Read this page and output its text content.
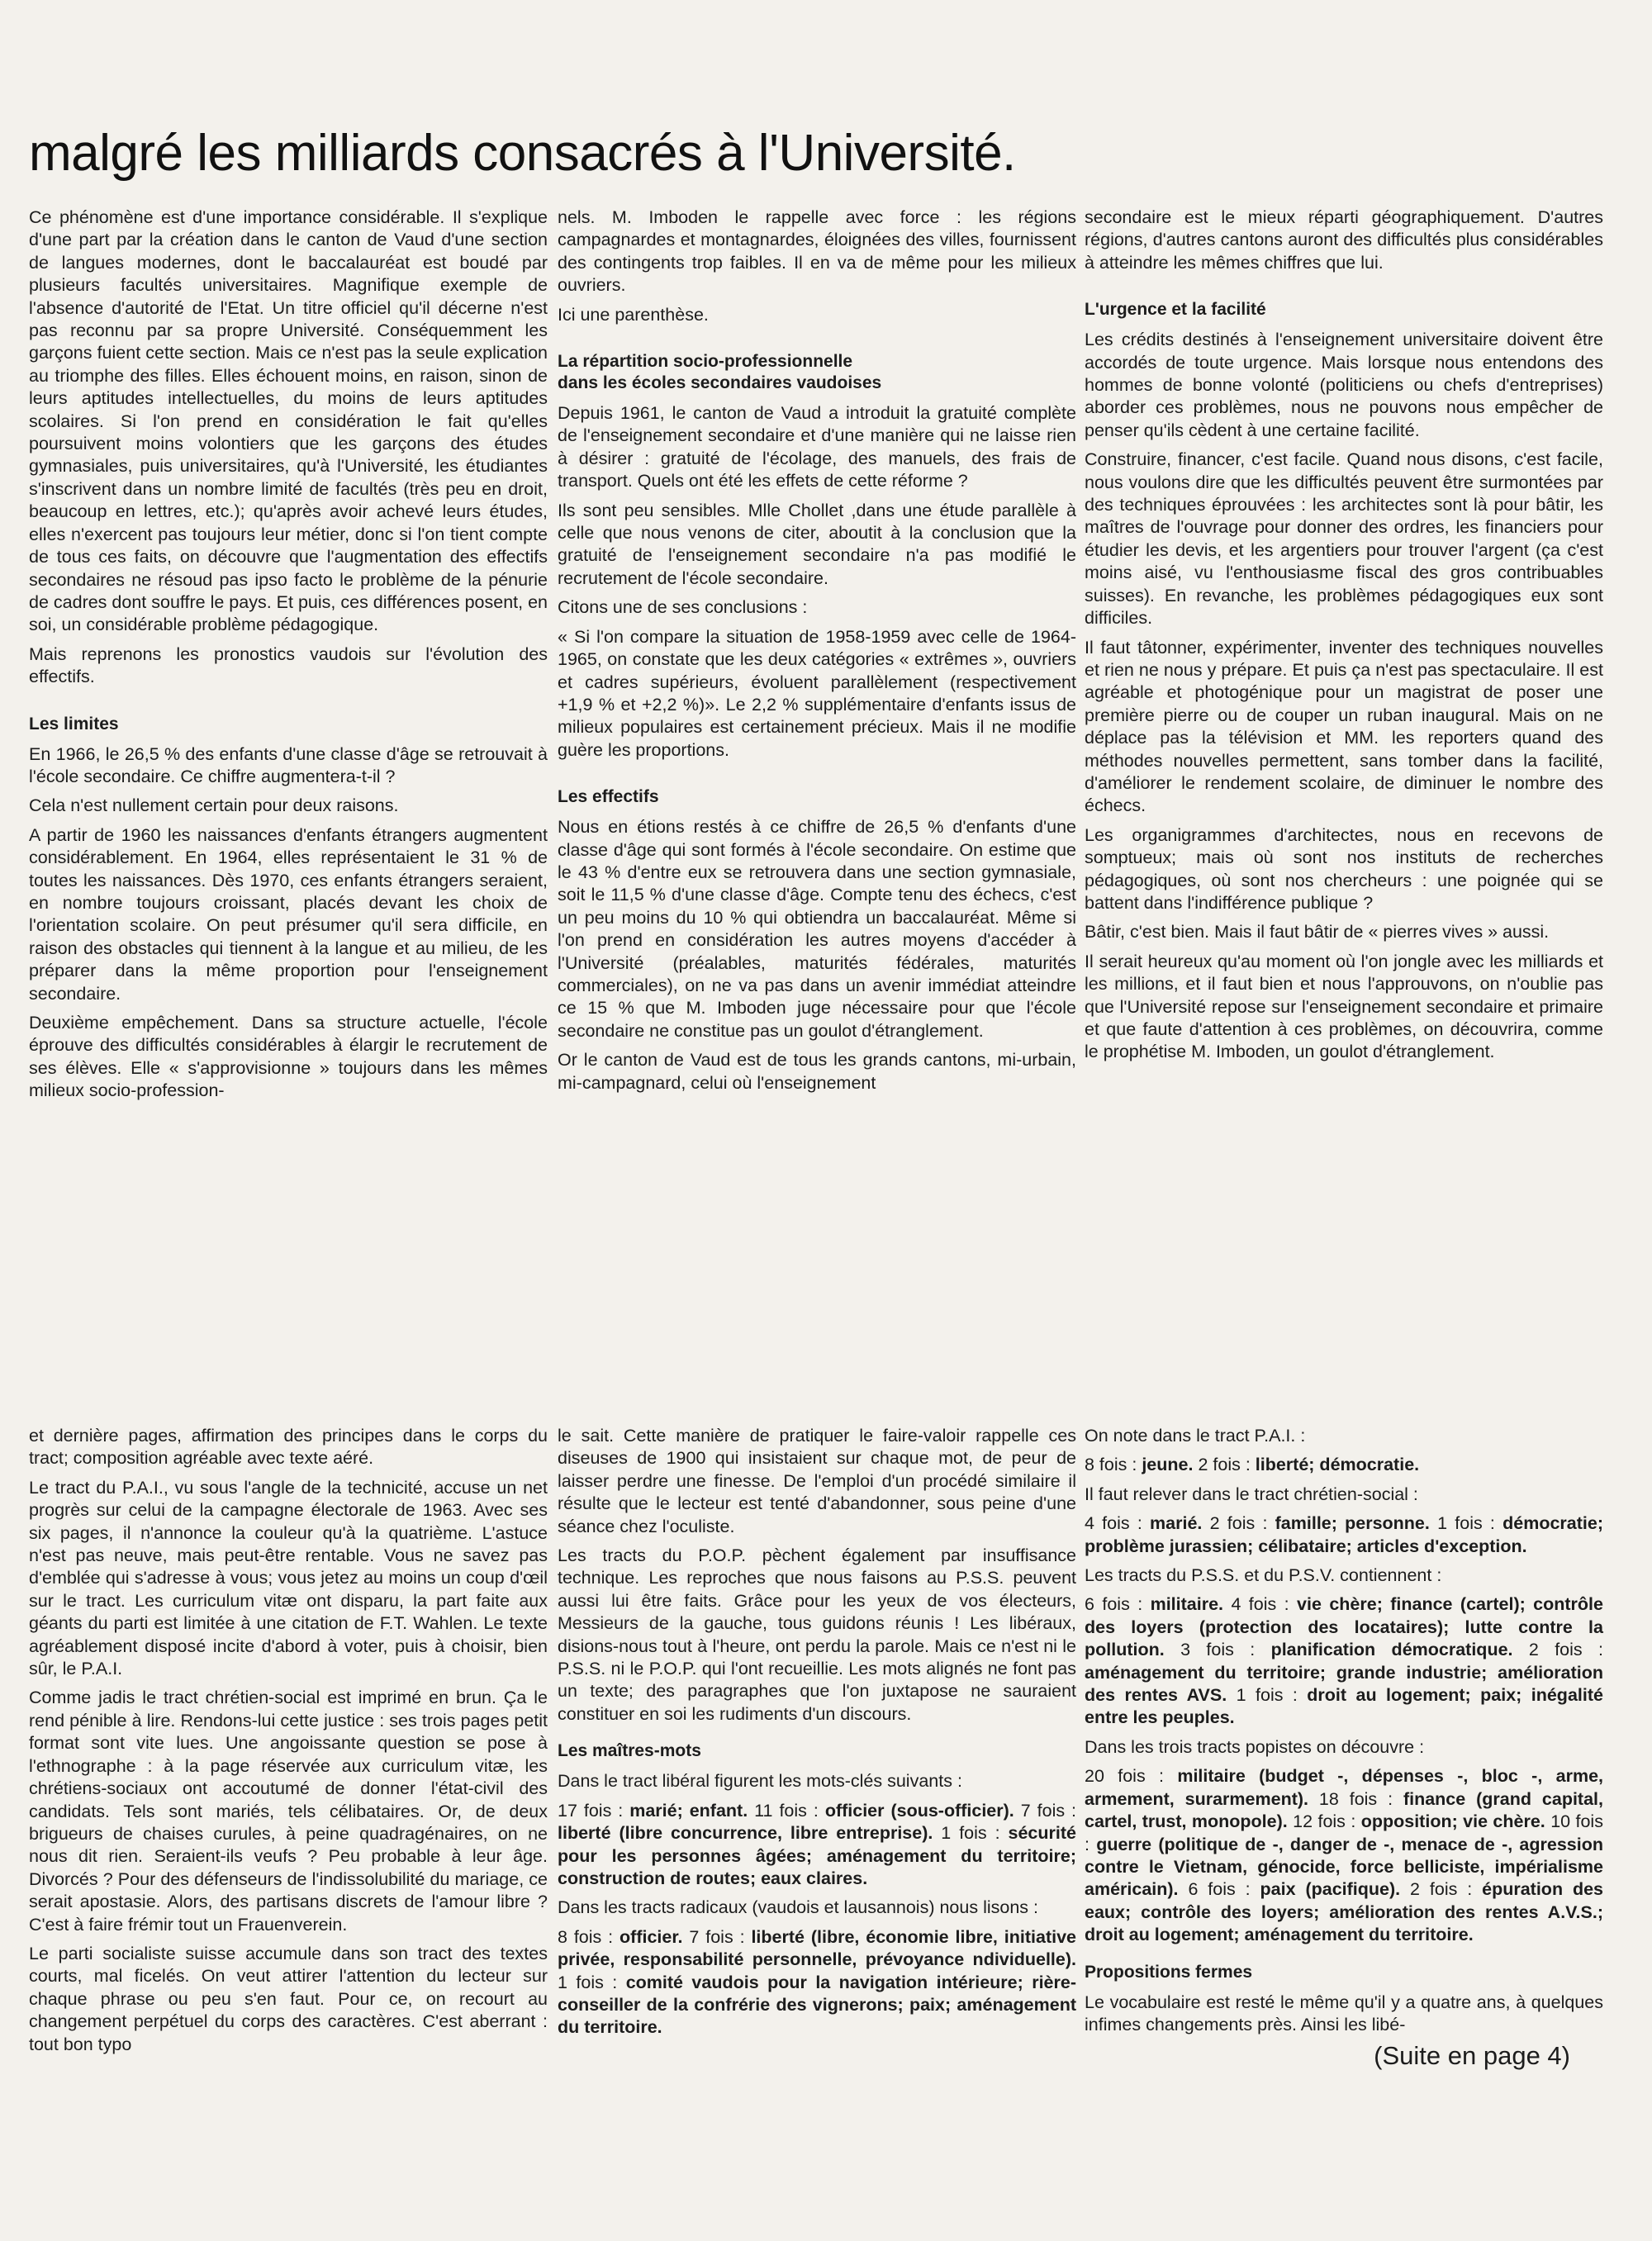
malgré les milliards consacrés à l'Université.

Ce phénomène est d'une importance considérable. Il s'explique d'une part par la création dans le canton de Vaud d'une section de langues modernes, dont le baccalauréat est boudé par plusieurs facultés universitaires. Magnifique exemple de l'absence d'autorité de l'Etat. Un titre officiel qu'il décerne n'est pas reconnu par sa propre Université. Conséquemment les garçons fuient cette section. Mais ce n'est pas la seule explication au triomphe des filles. Elles échouent moins, en raison, sinon de leurs aptitudes intellectuelles, du moins de leurs aptitudes scolaires. Si l'on prend en considération le fait qu'elles poursuivent moins volontiers que les garçons des études gymnasiales, puis universitaires, qu'à l'Université, les étudiantes s'inscrivent dans un nombre limité de facultés (très peu en droit, beaucoup en lettres, etc.); qu'après avoir achevé leurs études, elles n'exercent pas toujours leur métier, donc si l'on tient compte de tous ces faits, on découvre que l'augmentation des effectifs secondaires ne résoud pas ipso facto le problème de la pénurie de cadres dont souffre le pays. Et puis, ces différences posent, en soi, un considérable problème pédagogique.

Mais reprenons les pronostics vaudois sur l'évolution des effectifs.

Les limites

En 1966, le 26,5 % des enfants d'une classe d'âge se retrouvait à l'école secondaire. Ce chiffre augmentera-t-il ?

Cela n'est nullement certain pour deux raisons.

A partir de 1960 les naissances d'enfants étrangers augmentent considérablement. En 1964, elles représentaient le 31 % de toutes les naissances. Dès 1970, ces enfants étrangers seraient, en nombre toujours croissant, placés devant les choix de l'orientation scolaire. On peut présumer qu'il sera difficile, en raison des obstacles qui tiennent à la langue et au milieu, de les préparer dans la même proportion pour l'enseignement secondaire.

Deuxième empêchement. Dans sa structure actuelle, l'école éprouve des difficultés considérables à élargir le recrutement de ses élèves. Elle « s'approvisionne » toujours dans les mêmes milieux socio-profession-

nels. M. Imboden le rappelle avec force : les régions campagnardes et montagnardes, éloignées des villes, fournissent des contingents trop faibles. Il en va de même pour les milieux ouvriers.

Ici une parenthèse.

La répartition socio-professionnelle
dans les écoles secondaires vaudoises

Depuis 1961, le canton de Vaud a introduit la gratuité complète de l'enseignement secondaire et d'une manière qui ne laisse rien à désirer : gratuité de l'écolage, des manuels, des frais de transport. Quels ont été les effets de cette réforme ?

Ils sont peu sensibles. Mlle Chollet ,dans une étude parallèle à celle que nous venons de citer, aboutit à la conclusion que la gratuité de l'enseignement secondaire n'a pas modifié le recrutement de l'école secondaire.

Citons une de ses conclusions :

« Si l'on compare la situation de 1958-1959 avec celle de 1964-1965, on constate que les deux catégories « extrêmes », ouvriers et cadres supérieurs, évoluent parallèlement (respectivement +1,9 % et +2,2 %)». Le 2,2 % supplémentaire d'enfants issus de milieux populaires est certainement précieux. Mais il ne modifie guère les proportions.

Les effectifs

Nous en étions restés à ce chiffre de 26,5 % d'enfants d'une classe d'âge qui sont formés à l'école secondaire. On estime que le 43 % d'entre eux se retrouvera dans une section gymnasiale, soit le 11,5 % d'une classe d'âge. Compte tenu des échecs, c'est un peu moins du 10 % qui obtiendra un baccalauréat. Même si l'on prend en considération les autres moyens d'accéder à l'Université (préalables, maturités fédérales, maturités commerciales), on ne va pas dans un avenir immédiat atteindre ce 15 % que M. Imboden juge nécessaire pour que l'école secondaire ne constitue pas un goulot d'étranglement.

Or le canton de Vaud est de tous les grands cantons, mi-urbain, mi-campagnard, celui où l'enseignement

secondaire est le mieux réparti géographiquement. D'autres régions, d'autres cantons auront des difficultés plus considérables à atteindre les mêmes chiffres que lui.

L'urgence et la facilité

Les crédits destinés à l'enseignement universitaire doivent être accordés de toute urgence. Mais lorsque nous entendons des hommes de bonne volonté (politiciens ou chefs d'entreprises) aborder ces problèmes, nous ne pouvons nous empêcher de penser qu'ils cèdent à une certaine facilité.

Construire, financer, c'est facile. Quand nous disons, c'est facile, nous voulons dire que les difficultés peuvent être surmontées par des techniques éprouvées : les architectes sont là pour bâtir, les maîtres de l'ouvrage pour donner des ordres, les financiers pour étudier les devis, et les argentiers pour trouver l'argent (ça c'est moins aisé, vu l'enthousiasme fiscal des gros contribuables suisses). En revanche, les problèmes pédagogiques eux sont difficiles.

Il faut tâtonner, expérimenter, inventer des techniques nouvelles et rien ne nous y prépare. Et puis ça n'est pas spectaculaire. Il est agréable et photogénique pour un magistrat de poser une première pierre ou de couper un ruban inaugural. Mais on ne déplace pas la télévision et MM. les reporters quand des méthodes nouvelles permettent, sans tomber dans la facilité, d'améliorer le rendement scolaire, de diminuer le nombre des échecs.

Les organigrammes d'architectes, nous en recevons de somptueux; mais où sont nos instituts de recherches pédagogiques, où sont nos chercheurs : une poignée qui se battent dans l'indifférence publique ?

Bâtir, c'est bien. Mais il faut bâtir de « pierres vives » aussi.

Il serait heureux qu'au moment où l'on jongle avec les milliards et les millions, et il faut bien et nous l'approuvons, on n'oublie pas que l'Université repose sur l'enseignement secondaire et primaire et que faute d'attention à ces problèmes, on découvrira, comme le prophétise M. Imboden, un goulot d'étranglement.

et dernière pages, affirmation des principes dans le corps du tract; composition agréable avec texte aéré.

Le tract du P.A.I., vu sous l'angle de la technicité, accuse un net progrès sur celui de la campagne électorale de 1963. Avec ses six pages, il n'annonce la couleur qu'à la quatrième. L'astuce n'est pas neuve, mais peut-être rentable. Vous ne savez pas d'emblée qui s'adresse à vous; vous jetez au moins un coup d'œil sur le tract. Les curriculum vitæ ont disparu, la part faite aux géants du parti est limitée à une citation de F.T. Wahlen. Le texte agréablement disposé incite d'abord à voter, puis à choisir, bien sûr, le P.A.I.

Comme jadis le tract chrétien-social est imprimé en brun. Ça le rend pénible à lire. Rendons-lui cette justice : ses trois pages petit format sont vite lues. Une angoissante question se pose à l'ethnographe : à la page réservée aux curriculum vitæ, les chrétiens-sociaux ont accoutumé de donner l'état-civil des candidats. Tels sont mariés, tels célibataires. Or, de deux brigueurs de chaises curules, à peine quadragénaires, on ne nous dit rien. Seraient-ils veufs ? Peu probable à leur âge. Divorcés ? Pour des défenseurs de l'indissolubilité du mariage, ce serait apostasie. Alors, des partisans discrets de l'amour libre ? C'est à faire frémir tout un Frauenverein.

Le parti socialiste suisse accumule dans son tract des textes courts, mal ficelés. On veut attirer l'attention du lecteur sur chaque phrase ou peu s'en faut. Pour ce, on recourt au changement perpétuel du corps des caractères. C'est aberrant : tout bon typo

le sait. Cette manière de pratiquer le faire-valoir rappelle ces diseuses de 1900 qui insistaient sur chaque mot, de peur de laisser perdre une finesse. De l'emploi d'un procédé similaire il résulte que le lecteur est tenté d'abandonner, sous peine d'une séance chez l'oculiste.

Les tracts du P.O.P. pèchent également par insuffisance technique. Les reproches que nous faisons au P.S.S. peuvent aussi lui être faits. Grâce pour les yeux de vos électeurs, Messieurs de la gauche, tous guidons réunis ! Les libéraux, disions-nous tout à l'heure, ont perdu la parole. Mais ce n'est ni le P.S.S. ni le P.O.P. qui l'ont recueillie. Les mots alignés ne font pas un texte; des paragraphes que l'on juxtapose ne sauraient constituer en soi les rudiments d'un discours.

Les maîtres-mots

Dans le tract libéral figurent les mots-clés suivants :

17 fois : marié; enfant. 11 fois : officier (sous-officier). 7 fois : liberté (libre concurrence, libre entreprise). 1 fois : sécurité pour les personnes âgées; aménagement du territoire; construction de routes; eaux claires.

Dans les tracts radicaux (vaudois et lausannois) nous lisons :

8 fois : officier. 7 fois : liberté (libre, économie libre, initiative privée, responsabilité personnelle, prévoyance ndividuelle). 1 fois : comité vaudois pour la navigation intérieure; rière-conseiller de la confrérie des vignerons; paix; aménagement du territoire.

On note dans le tract P.A.I. :

8 fois : jeune. 2 fois : liberté; démocratie.

Il faut relever dans le tract chrétien-social :

4 fois : marié. 2 fois : famille; personne. 1 fois : démocratie; problème jurassien; célibataire; articles d'exception.

Les tracts du P.S.S. et du P.S.V. contiennent :

6 fois : militaire. 4 fois : vie chère; finance (cartel); contrôle des loyers (protection des locataires); lutte contre la pollution. 3 fois : planification démocratique. 2 fois : aménagement du territoire; grande industrie; amélioration des rentes AVS. 1 fois : droit au logement; paix; inégalité entre les peuples.

Dans les trois tracts popistes on découvre :

20 fois : militaire (budget -, dépenses -, bloc -, arme, armement, surarmement). 18 fois : finance (grand capital, cartel, trust, monopole). 12 fois : opposition; vie chère. 10 fois : guerre (politique de -, danger de -, menace de -, agression contre le Vietnam, génocide, force belliciste, impérialisme américain). 6 fois : paix (pacifique). 2 fois : épuration des eaux; contrôle des loyers; amélioration des rentes A.V.S.; droit au logement; aménagement du territoire.

Propositions fermes

Le vocabulaire est resté le même qu'il y a quatre ans, à quelques infimes changements près. Ainsi les libé-

(Suite en page 4)
